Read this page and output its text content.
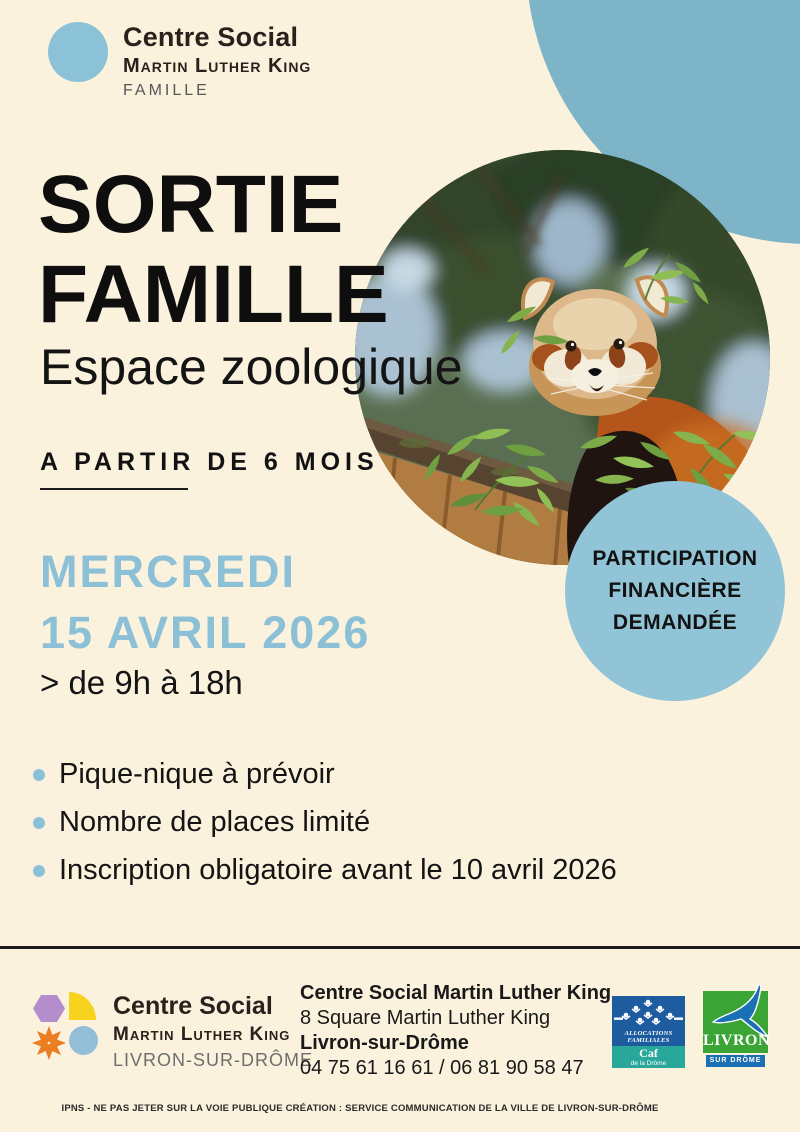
PARTICIPATION
FINANCIÈRE
DEMANDÉE
Centre Social
Martin Luther King
FAMILLE
SORTIE
FAMILLE
Espace zoologique
A PARTIR DE 6 MOIS
MERCREDI
15 AVRIL 2026
> de 9h à 18h
Pique-nique à prévoir
Nombre de places limité
Inscription obligatoire avant le 10 avril 2026
Centre Social
Martin Luther King
LIVRON-SUR-DRÔME
Centre Social Martin Luther King
8 Square Martin Luther King
Livron-sur-Drôme
04 75 61 16 61 / 06 81 90 58 47
ALLOCATIONS
FAMILIALES
Caf
de la Drôme
LIVRON
SUR DRÔME
IPNS - NE PAS JETER SUR LA VOIE PUBLIQUE CRÉATION : SERVICE COMMUNICATION DE LA VILLE DE LIVRON-SUR-DRÔME
